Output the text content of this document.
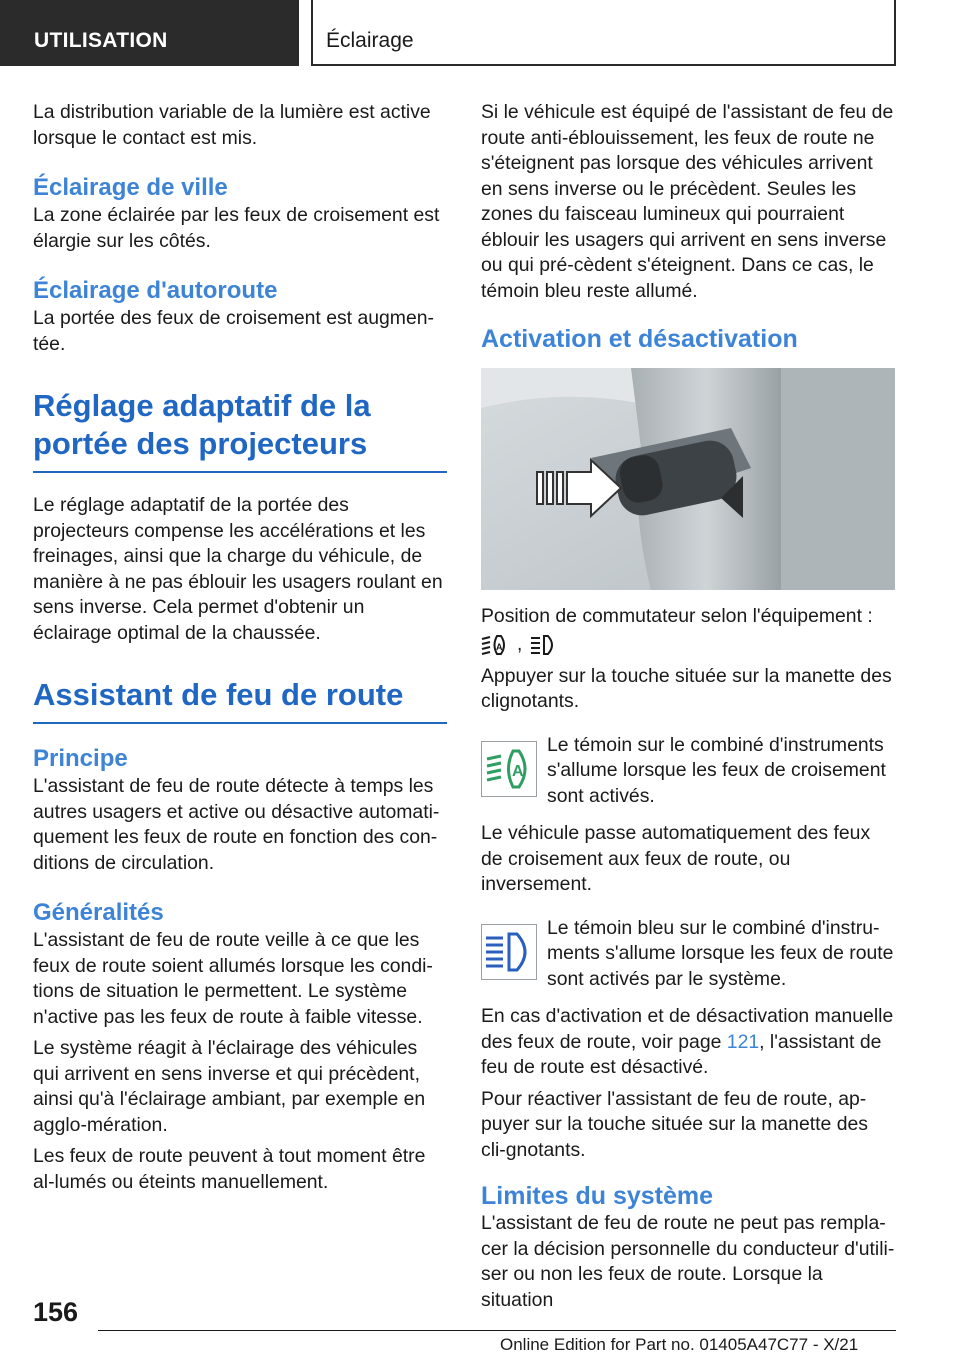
UTILISATION	Éclairage

La distribution variable de la lumière est active lorsque le contact est mis.

Éclairage de ville

La zone éclairée par les feux de croisement est élargie sur les côtés.

Éclairage d'autoroute

La portée des feux de croisement est augmen‐tée.

Réglage adaptatif de la portée des projecteurs

Le réglage adaptatif de la portée des projecteurs compense les accélérations et les freinages, ainsi que la charge du véhicule, de manière à ne pas éblouir les usagers roulant en sens inverse. Cela permet d'obtenir un éclairage optimal de la chaussée.

Assistant de feu de route
Principe

L'assistant de feu de route détecte à temps les autres usagers et active ou désactive automati‐quement les feux de route en fonction des con‐ditions de circulation.

Généralités

L'assistant de feu de route veille à ce que les feux de route soient allumés lorsque les condi‐tions de situation le permettent. Le système n'active pas les feux de route à faible vitesse.

Le système réagit à l'éclairage des véhicules qui arrivent en sens inverse et qui précèdent, ainsi qu'à l'éclairage ambiant, par exemple en agglo‐mération.

Les feux de route peuvent à tout moment être al‐lumés ou éteints manuellement.

Si le véhicule est équipé de l'assistant de feu de route anti-éblouissement, les feux de route ne s'éteignent pas lorsque des véhicules arrivent en sens inverse ou le précèdent. Seules les zones du faisceau lumineux qui pourraient éblouir les usagers qui arrivent en sens inverse ou qui pré‐cèdent s'éteignent. Dans ce cas, le témoin bleu reste allumé.

Activation et désactivation

Position de commutateur selon l'équipement :

A ,

Appuyer sur la touche située sur la manette des clignotants.

A

Le témoin sur le combiné d'instruments s'allume lorsque les feux de croisement sont activés.

Le véhicule passe automatiquement des feux de croisement aux feux de route, ou inversement.

Le témoin bleu sur le combiné d'instru‐ments s'allume lorsque les feux de route sont activés par le système.

En cas d'activation et de désactivation manuelle des feux de route, voir page 121, l'assistant de feu de route est désactivé.

Pour réactiver l'assistant de feu de route, ap‐puyer sur la touche située sur la manette des cli‐gnotants.

Limites du système

L'assistant de feu de route ne peut pas rempla‐cer la décision personnelle du conducteur d'utili‐ser ou non les feux de route. Lorsque la situation

156
Online Edition for Part no. 01405A47C77 - X/21
